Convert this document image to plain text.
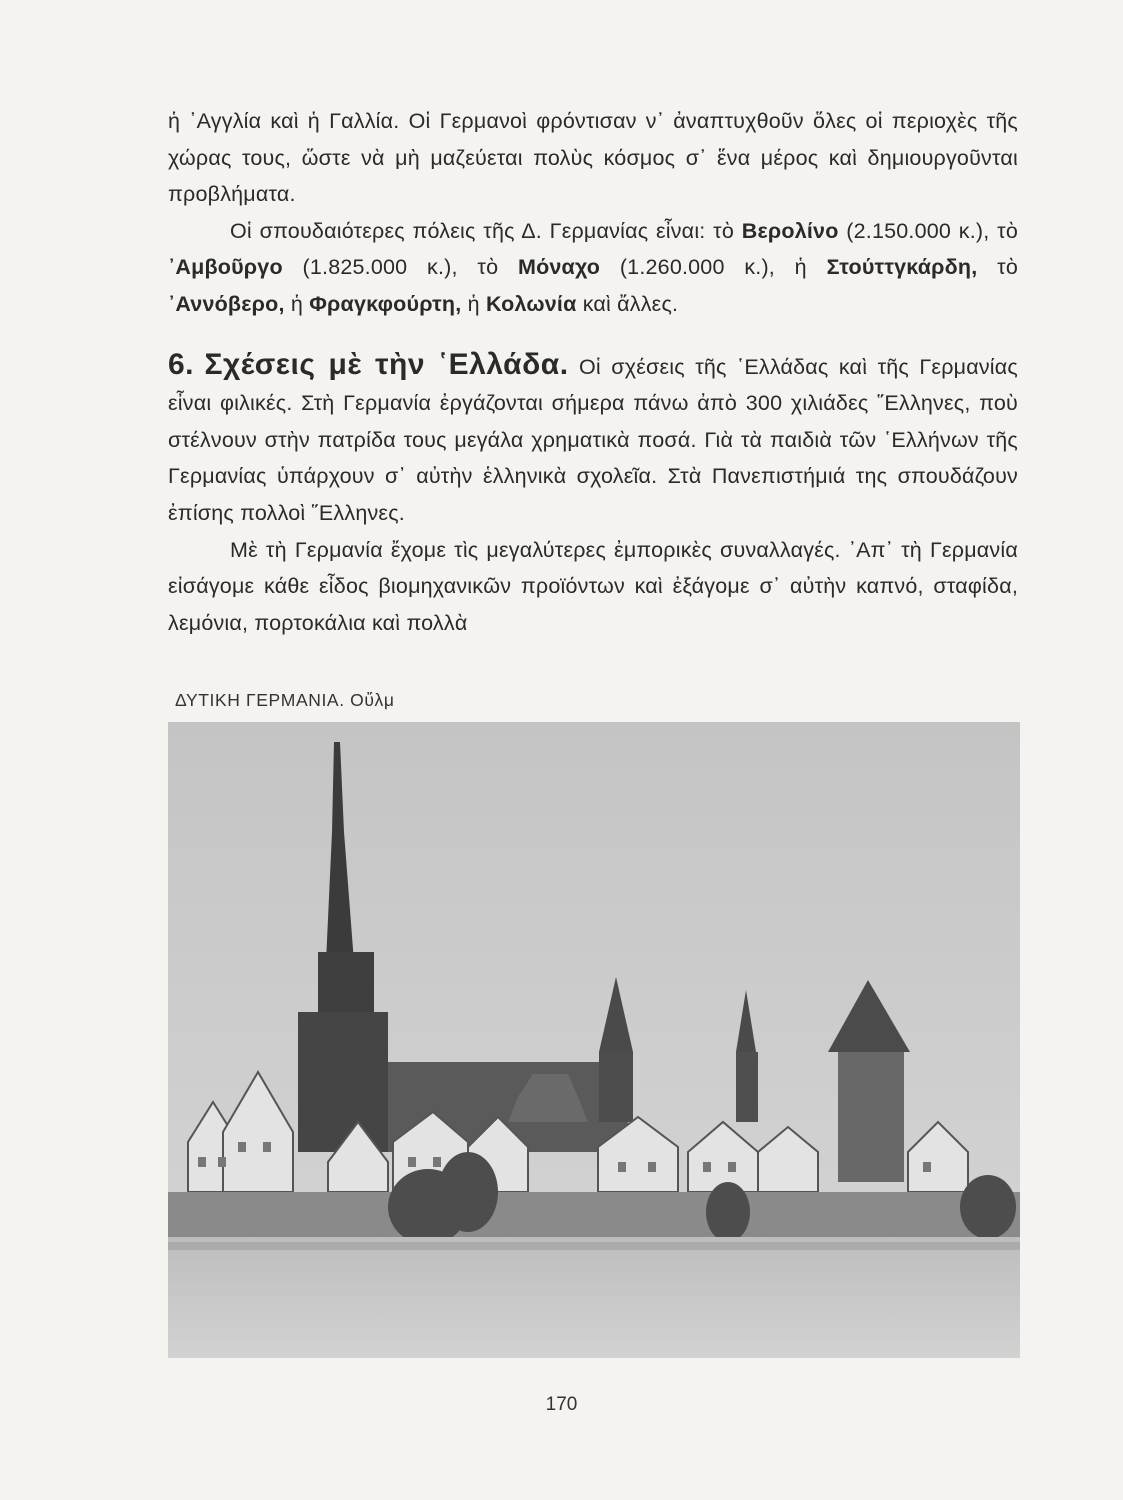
ἡ ᾿Αγγλία καὶ ἡ Γαλλία. Οἱ Γερμανοὶ φρόντισαν ν᾿ ἀναπτυχθοῦν ὅλες οἱ περιοχὲς τῆς χώρας τους, ὥστε νὰ μὴ μαζεύεται πολὺς κόσμος σ᾿ ἕνα μέρος καὶ δημιουργοῦνται προβλήματα.

Οἱ σπουδαιότερες πόλεις τῆς Δ. Γερμανίας εἶναι: τὸ Βερολίνο (2.150.000 κ.), τὸ ᾿Αμβοῦργο (1.825.000 κ.), τὸ Μόναχο (1.260.000 κ.), ἡ Στούττγκάρδη, τὸ ᾿Αννόβερο, ἡ Φραγκφούρτη, ἡ Κολωνία καὶ ἄλλες.

6. Σχέσεις μὲ τὴν ῾Ελλάδα. Οἱ σχέσεις τῆς ῾Ελλάδας καὶ τῆς Γερμανίας εἶναι φιλικές. Στὴ Γερμανία ἐργάζονται σήμερα πάνω ἀπὸ 300 χιλιάδες ῞Ελληνες, ποὺ στέλνουν στὴν πατρίδα τους μεγάλα χρηματικὰ ποσά. Γιὰ τὰ παιδιὰ τῶν ῾Ελλήνων τῆς Γερμανίας ὑπάρχουν σ᾿ αὐτὴν ἑλληνικὰ σχολεῖα. Στὰ Πανεπιστήμιά της σπουδάζουν ἐπίσης πολλοὶ ῞Ελληνες.

Μὲ τὴ Γερμανία ἔχομε τὶς μεγαλύτερες ἐμπορικὲς συναλλαγές. ᾿Απ᾿ τὴ Γερμανία εἰσάγομε κάθε εἶδος βιομηχανικῶν προϊόντων καὶ ἐξάγομε σ᾿ αὐτὴν καπνό, σταφίδα, λεμόνια, πορτοκάλια καὶ πολλὰ

ΔΥΤΙΚΗ ΓΕΡΜΑΝΙΑ. Οὔλμ
170
